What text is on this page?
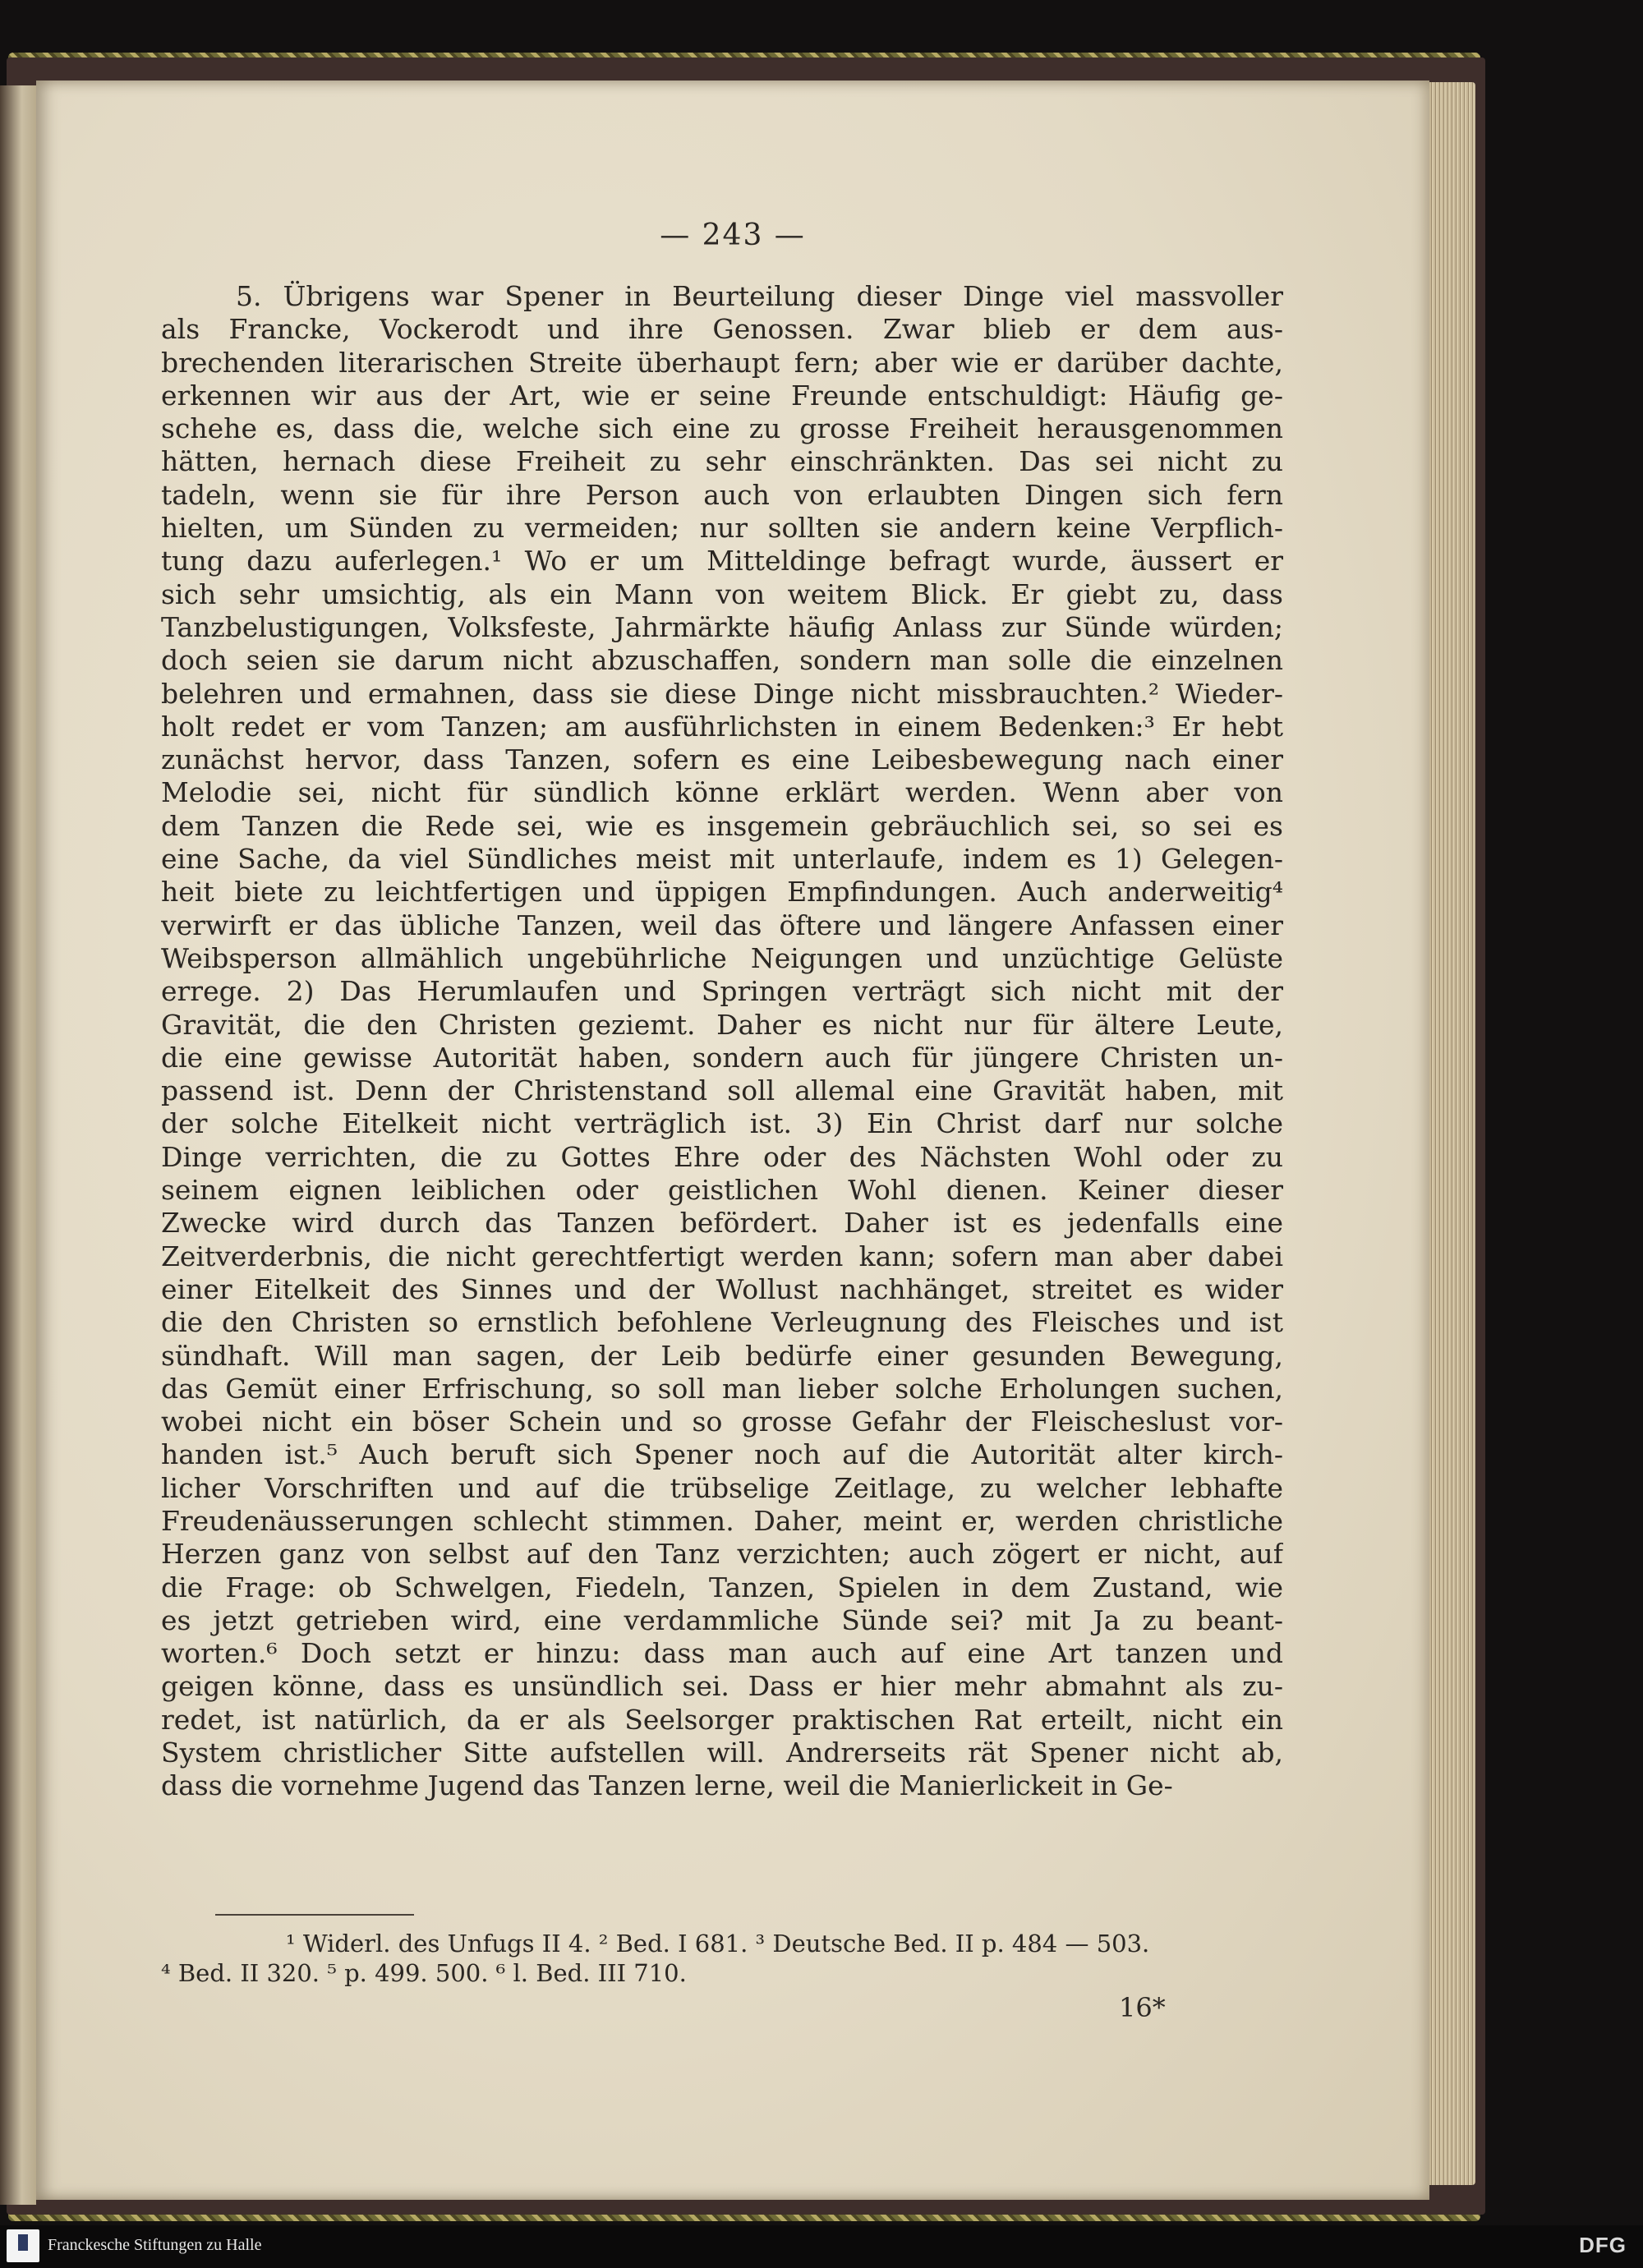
— 243 —
5. Übrigens war Spener in Beurteilung dieser Dinge viel massvoller
als Francke, Vockerodt und ihre Genossen. Zwar blieb er dem aus-
brechenden literarischen Streite überhaupt fern; aber wie er darüber dachte,
erkennen wir aus der Art, wie er seine Freunde entschuldigt: Häufig ge-
schehe es, dass die, welche sich eine zu grosse Freiheit herausgenommen
hätten, hernach diese Freiheit zu sehr einschränkten. Das sei nicht zu
tadeln, wenn sie für ihre Person auch von erlaubten Dingen sich fern
hielten, um Sünden zu vermeiden; nur sollten sie andern keine Verpflich-
tung dazu auferlegen.¹ Wo er um Mitteldinge befragt wurde, äussert er
sich sehr umsichtig, als ein Mann von weitem Blick. Er giebt zu, dass
Tanzbelustigungen, Volksfeste, Jahrmärkte häufig Anlass zur Sünde würden;
doch seien sie darum nicht abzuschaffen, sondern man solle die einzelnen
belehren und ermahnen, dass sie diese Dinge nicht missbrauchten.² Wieder-
holt redet er vom Tanzen; am ausführlichsten in einem Bedenken:³ Er hebt
zunächst hervor, dass Tanzen, sofern es eine Leibesbewegung nach einer
Melodie sei, nicht für sündlich könne erklärt werden. Wenn aber von
dem Tanzen die Rede sei, wie es insgemein gebräuchlich sei, so sei es
eine Sache, da viel Sündliches meist mit unterlaufe, indem es 1) Gelegen-
heit biete zu leichtfertigen und üppigen Empfindungen. Auch anderweitig⁴
verwirft er das übliche Tanzen, weil das öftere und längere Anfassen einer
Weibsperson allmählich ungebührliche Neigungen und unzüchtige Gelüste
errege. 2) Das Herumlaufen und Springen verträgt sich nicht mit der
Gravität, die den Christen geziemt. Daher es nicht nur für ältere Leute,
die eine gewisse Autorität haben, sondern auch für jüngere Christen un-
passend ist. Denn der Christenstand soll allemal eine Gravität haben, mit
der solche Eitelkeit nicht verträglich ist. 3) Ein Christ darf nur solche
Dinge verrichten, die zu Gottes Ehre oder des Nächsten Wohl oder zu
seinem eignen leiblichen oder geistlichen Wohl dienen. Keiner dieser
Zwecke wird durch das Tanzen befördert. Daher ist es jedenfalls eine
Zeitverderbnis, die nicht gerechtfertigt werden kann; sofern man aber dabei
einer Eitelkeit des Sinnes und der Wollust nachhänget, streitet es wider
die den Christen so ernstlich befohlene Verleugnung des Fleisches und ist
sündhaft. Will man sagen, der Leib bedürfe einer gesunden Bewegung,
das Gemüt einer Erfrischung, so soll man lieber solche Erholungen suchen,
wobei nicht ein böser Schein und so grosse Gefahr der Fleischeslust vor-
handen ist.⁵ Auch beruft sich Spener noch auf die Autorität alter kirch-
licher Vorschriften und auf die trübselige Zeitlage, zu welcher lebhafte
Freudenäusserungen schlecht stimmen. Daher, meint er, werden christliche
Herzen ganz von selbst auf den Tanz verzichten; auch zögert er nicht, auf
die Frage: ob Schwelgen, Fiedeln, Tanzen, Spielen in dem Zustand, wie
es jetzt getrieben wird, eine verdammliche Sünde sei? mit Ja zu beant-
worten.⁶ Doch setzt er hinzu: dass man auch auf eine Art tanzen und
geigen könne, dass es unsündlich sei. Dass er hier mehr abmahnt als zu-
redet, ist natürlich, da er als Seelsorger praktischen Rat erteilt, nicht ein
System christlicher Sitte aufstellen will. Andrerseits rät Spener nicht ab,
dass die vornehme Jugend das Tanzen lerne, weil die Manierlickeit in Ge-
¹ Widerl. des Unfugs II 4. ² Bed. I 681. ³ Deutsche Bed. II p. 484 — 503.
⁴ Bed. II 320. ⁵ p. 499. 500. ⁶ l. Bed. III 710.
16*
Franckesche Stiftungen zu Halle	DFG
